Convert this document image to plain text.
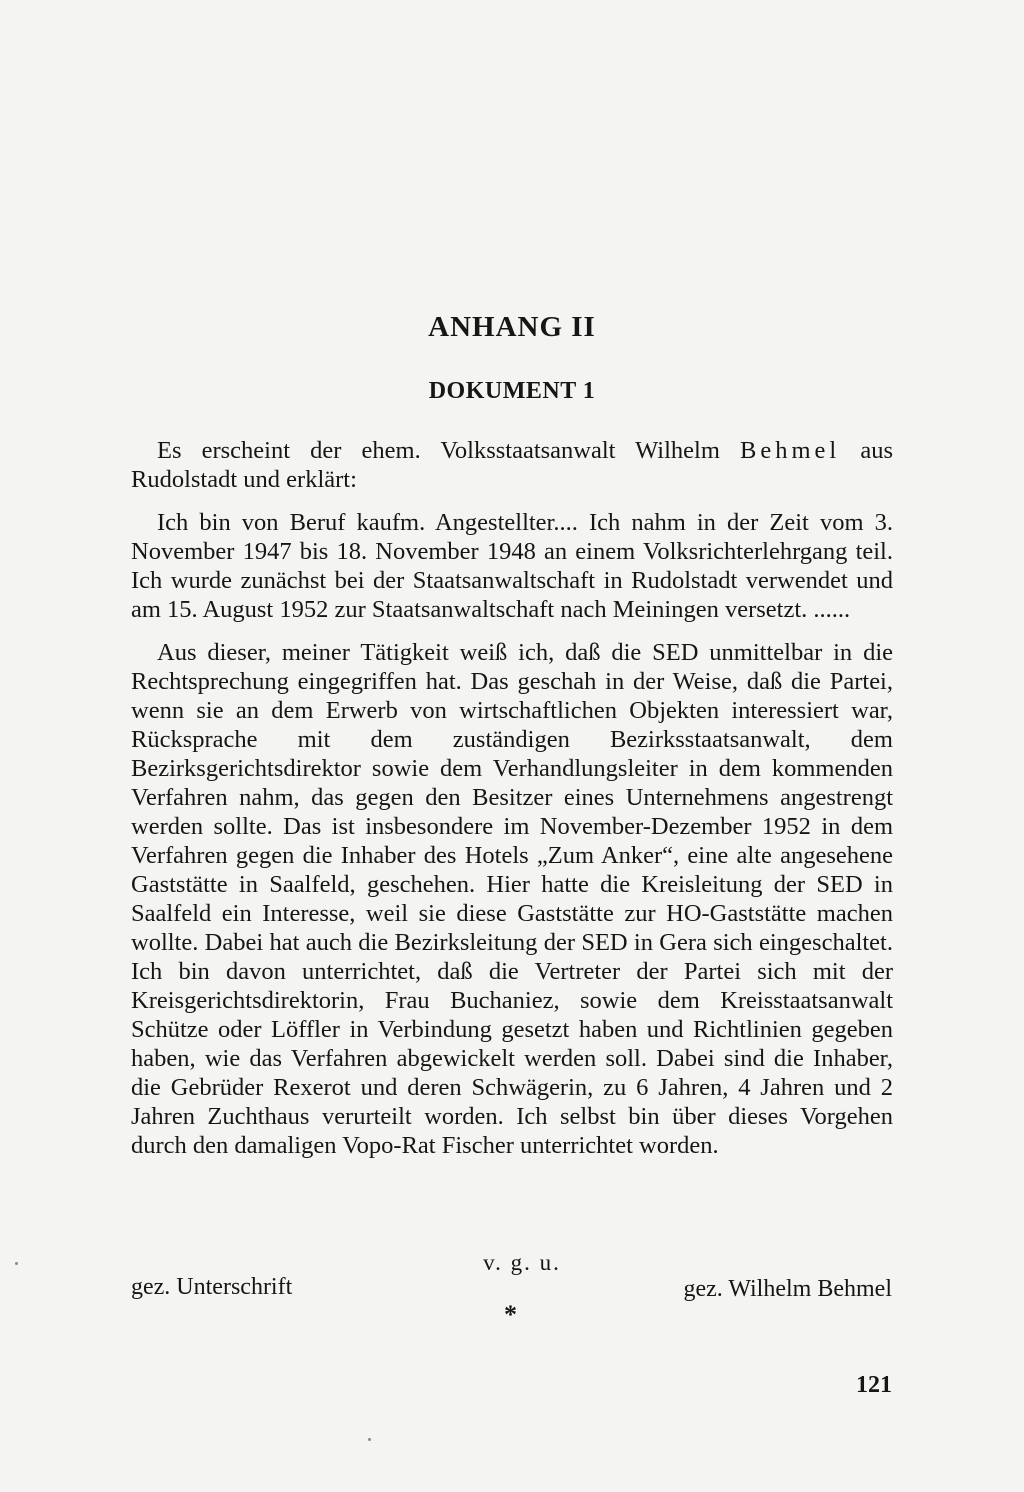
ANHANG II
DOKUMENT 1

Es erscheint der ehem. Volksstaatsanwalt Wilhelm Behmel aus Rudolstadt und erklärt:

Ich bin von Beruf kaufm. Angestellter.... Ich nahm in der Zeit vom 3. November 1947 bis 18. November 1948 an einem Volksrichterlehrgang teil. Ich wurde zunächst bei der Staatsanwaltschaft in Rudolstadt verwendet und am 15. August 1952 zur Staatsanwaltschaft nach Meiningen versetzt. ......

Aus dieser, meiner Tätigkeit weiß ich, daß die SED unmittelbar in die Rechtsprechung eingegriffen hat. Das geschah in der Weise, daß die Partei, wenn sie an dem Erwerb von wirtschaftlichen Objekten interessiert war, Rücksprache mit dem zuständigen Bezirksstaatsanwalt, dem Bezirksgerichtsdirektor sowie dem Verhandlungsleiter in dem kommenden Verfahren nahm, das gegen den Besitzer eines Unternehmens angestrengt werden sollte. Das ist insbesondere im November-Dezember 1952 in dem Verfahren gegen die Inhaber des Hotels „Zum Anker“, eine alte angesehene Gaststätte in Saalfeld, geschehen. Hier hatte die Kreisleitung der SED in Saalfeld ein Interesse, weil sie diese Gaststätte zur HO-Gaststätte machen wollte. Dabei hat auch die Bezirksleitung der SED in Gera sich eingeschaltet. Ich bin davon unterrichtet, daß die Vertreter der Partei sich mit der Kreisgerichtsdirektorin, Frau Buchaniez, sowie dem Kreisstaatsanwalt Schütze oder Löffler in Verbindung gesetzt haben und Richtlinien gegeben haben, wie das Verfahren abgewickelt werden soll. Dabei sind die Inhaber, die Gebrüder Rexerot und deren Schwägerin, zu 6 Jahren, 4 Jahren und 2 Jahren Zuchthaus verurteilt worden. Ich selbst bin über dieses Vorgehen durch den damaligen Vopo-Rat Fischer unterrichtet worden.

v. g. u.
gez. Unterschrift	gez. Wilhelm Behmel
*
121
